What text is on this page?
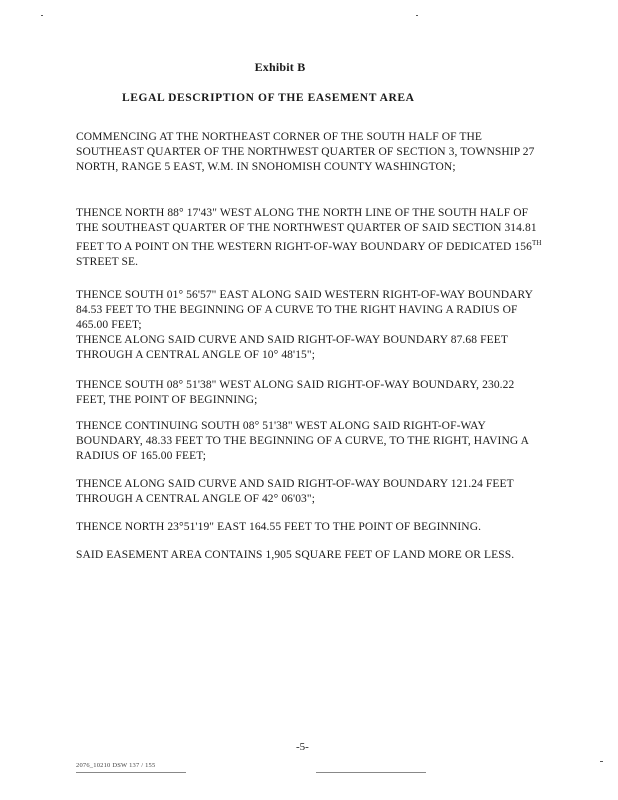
Exhibit B
LEGAL DESCRIPTION OF THE EASEMENT AREA

COMMENCING AT THE NORTHEAST CORNER OF THE SOUTH HALF OF THE SOUTHEAST QUARTER OF THE NORTHWEST QUARTER OF SECTION 3, TOWNSHIP 27 NORTH, RANGE 5 EAST, W.M. IN SNOHOMISH COUNTY WASHINGTON;

THENCE NORTH 88° 17'43" WEST ALONG THE NORTH LINE OF THE SOUTH HALF OF THE SOUTHEAST QUARTER OF THE NORTHWEST QUARTER OF SAID SECTION 314.81 FEET TO A POINT ON THE WESTERN RIGHT-OF-WAY BOUNDARY OF DEDICATED 156TH STREET SE.

THENCE SOUTH 01° 56'57" EAST ALONG SAID WESTERN RIGHT-OF-WAY BOUNDARY 84.53 FEET TO THE BEGINNING OF A CURVE TO THE RIGHT HAVING A RADIUS OF 465.00 FEET;

THENCE ALONG SAID CURVE AND SAID RIGHT-OF-WAY BOUNDARY 87.68 FEET THROUGH A CENTRAL ANGLE OF 10° 48'15";

THENCE SOUTH 08° 51'38" WEST ALONG SAID RIGHT-OF-WAY BOUNDARY, 230.22 FEET, THE POINT OF BEGINNING;

THENCE CONTINUING SOUTH 08° 51'38" WEST ALONG SAID RIGHT-OF-WAY BOUNDARY, 48.33 FEET TO THE BEGINNING OF A CURVE, TO THE RIGHT, HAVING A RADIUS OF 165.00 FEET;

THENCE ALONG SAID CURVE AND SAID RIGHT-OF-WAY BOUNDARY 121.24 FEET THROUGH A CENTRAL ANGLE OF 42° 06'03";

THENCE NORTH 23°51'19" EAST 164.55 FEET TO THE POINT OF BEGINNING.

SAID EASEMENT AREA CONTAINS 1,905 SQUARE FEET OF LAND MORE OR LESS.

-5-
2076_10210 DSW 137 / 155
